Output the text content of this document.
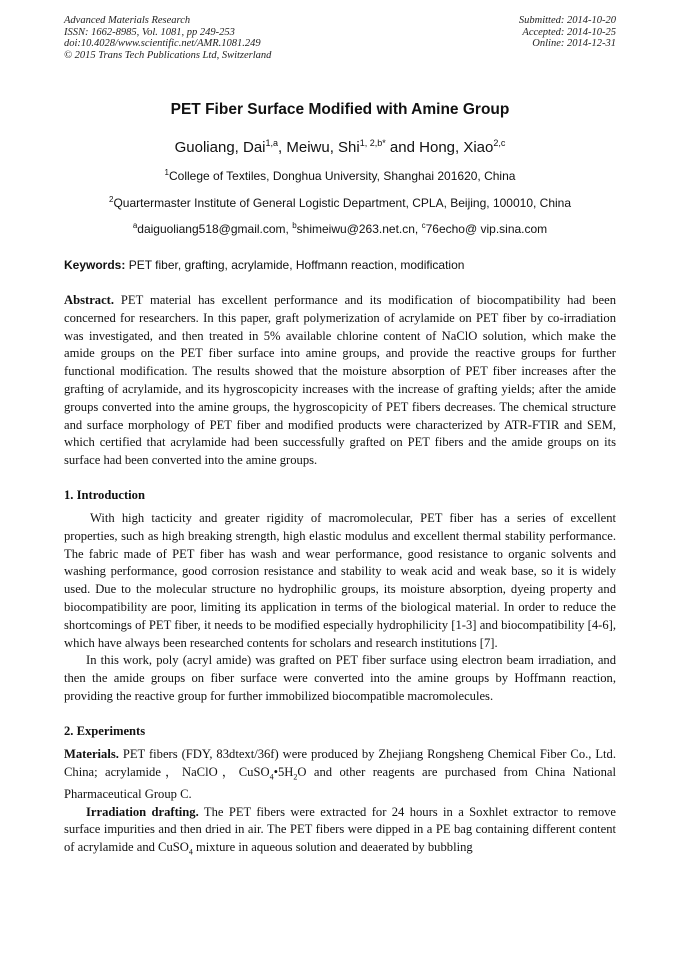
Advanced Materials Research
ISSN: 1662-8985, Vol. 1081, pp 249-253
doi:10.4028/www.scientific.net/AMR.1081.249
© 2015 Trans Tech Publications Ltd, Switzerland
Submitted: 2014-10-20
Accepted: 2014-10-25
Online: 2014-12-31
PET Fiber Surface Modified with Amine Group
Guoliang, Dai$^{1,a}$, Meiwu, Shi$^{1, 2,b*}$ and Hong, Xiao$^{2,c}$
$^1$College of Textiles, Donghua University, Shanghai 201620, China
$^2$Quartermaster Institute of General Logistic Department, CPLA, Beijing, 100010, China
$^a$daiguoliang518@gmail.com, $^b$shimeiwu@263.net.cn, $^c$76echo@ vip.sina.com
Keywords: PET fiber, grafting, acrylamide, Hoffmann reaction, modification

Abstract. PET material has excellent performance and its modification of biocompatibility had been concerned for researchers. In this paper, graft polymerization of acrylamide on PET fiber by co-irradiation was investigated, and then treated in 5% available chlorine content of NaClO solution, which make the amide groups on the PET fiber surface into amine groups, and provide the reactive groups for further functional modification. The results showed that the moisture absorption of PET fiber increases after the grafting of acrylamide, and its hygroscopicity increases with the increase of grafting yields; after the amide groups converted into the amine groups, the hygroscopicity of PET fibers decreases. The chemical structure and surface morphology of PET fiber and modified products were characterized by ATR-FTIR and SEM, which certified that acrylamide had been successfully grafted on PET fibers and the amide groups on its surface had been converted into the amine groups.

1. Introduction

With high tacticity and greater rigidity of macromolecular, PET fiber has a series of excellent properties, such as high breaking strength, high elastic modulus and excellent thermal stability performance. The fabric made of PET fiber has wash and wear performance, good resistance to organic solvents and washing performance, good corrosion resistance and stability to weak acid and weak base, so it is widely used. Due to the molecular structure no hydrophilic groups, its moisture absorption, dyeing property and biocompatibility are poor, limiting its application in terms of the biological material. In order to reduce the shortcomings of PET fiber, it needs to be modified especially hydrophilicity [1-3] and biocompatibility [4-6], which have always been researched contents for scholars and research institutions [7].

In this work, poly (acryl amide) was grafted on PET fiber surface using electron beam irradiation, and then the amide groups on fiber surface were converted into the amine groups by Hoffmann reaction, providing the reactive group for further immobilized biocompatible macromolecules.

2. Experiments

Materials. PET fibers (FDY, 83dtext/36f) were produced by Zhejiang Rongsheng Chemical Fiber Co., Ltd. China; acrylamide，NaClO，$CuSO_4•5H_2O$ and other reagents are purchased from China National Pharmaceutical Group C.

Irradiation drafting. The PET fibers were extracted for 24 hours in a Soxhlet extractor to remove surface impurities and then dried in air. The PET fibers were dipped in a PE bag containing different content of acrylamide and CuSO$_4$ mixture in aqueous solution and deaerated by bubbling
